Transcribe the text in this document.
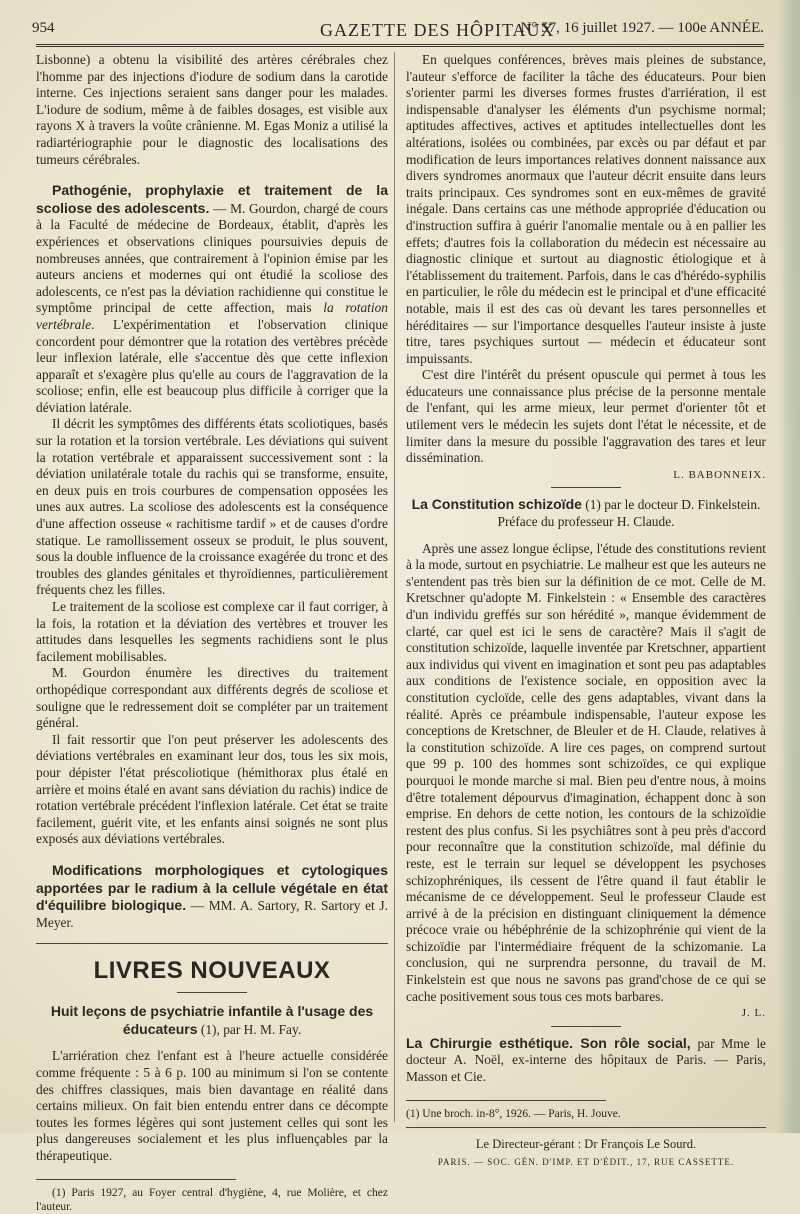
954	GAZETTE DES HÔPITAUX
N° 57, 16 juillet 1927. — 100e ANNÉE.

Lisbonne) a obtenu la visibilité des artères cérébrales chez l'homme par des injections d'iodure de sodium dans la carotide interne. Ces injections seraient sans danger pour les malades. L'iodure de sodium, même à de faibles dosages, est visible aux rayons X à travers la voûte crânienne. M. Egas Moniz a utilisé la radiartériographie pour le diagnostic des localisations des tumeurs cérébrales.

Pathogénie, prophylaxie et traitement de la scoliose des adolescents. — M. Gourdon, chargé de cours à la Faculté de médecine de Bordeaux, établit, d'après les expériences et observations cliniques poursuivies depuis de nombreuses années, que contrairement à l'opinion émise par les auteurs anciens et modernes qui ont étudié la scoliose des adolescents, ce n'est pas la déviation rachidienne qui constitue le symptôme principal de cette affection, mais la rotation vertébrale. L'expérimentation et l'observation clinique concordent pour démontrer que la rotation des vertèbres précède leur inflexion latérale, elle s'accentue dès que cette inflexion apparaît et s'exagère plus qu'elle au cours de l'aggravation de la scoliose; enfin, elle est beaucoup plus difficile à corriger que la déviation latérale.

Il décrit les symptômes des différents états scoliotiques, basés sur la rotation et la torsion vertébrale. Les déviations qui suivent la rotation vertébrale et apparaissent successivement sont : la déviation unilatérale totale du rachis qui se transforme, ensuite, en deux puis en trois courbures de compensation opposées les unes aux autres. La scoliose des adolescents est la conséquence d'une affection osseuse « rachitisme tardif » et de causes d'ordre statique. Le ramollissement osseux se produit, le plus souvent, sous la double influence de la croissance exagérée du tronc et des troubles des glandes génitales et thyroïdiennes, particulièrement fréquents chez les filles.

Le traitement de la scoliose est complexe car il faut corriger, à la fois, la rotation et la déviation des vertèbres et trouver les attitudes dans lesquelles les segments rachidiens sont le plus facilement mobilisables.

M. Gourdon énumère les directives du traitement orthopédique correspondant aux différents degrés de scoliose et souligne que le redressement doit se compléter par un traitement général.

Il fait ressortir que l'on peut préserver les adolescents des déviations vertébrales en examinant leur dos, tous les six mois, pour dépister l'état préscoliotique (hémithorax plus étalé en arrière et moins étalé en avant sans déviation du rachis) indice de rotation vertébrale précédent l'inflexion latérale. Cet état se traite facilement, guérit vite, et les enfants ainsi soignés ne sont plus exposés aux déviations vertébrales.

Modifications morphologiques et cytologiques apportées par le radium à la cellule végétale en état d'équilibre biologique. — MM. A. Sartory, R. Sartory et J. Meyer.

LIVRES NOUVEAUX

Huit leçons de psychiatrie infantile à l'usage des éducateurs (1), par H. M. Fay.

L'arriération chez l'enfant est à l'heure actuelle considérée comme fréquente : 5 à 6 p. 100 au minimum si l'on se contente des chiffres classiques, mais bien davantage en réalité dans certains milieux. On fait bien entendu entrer dans ce décompte toutes les formes légères qui sont justement celles qui sont les plus dangereuses socialement et les plus influençables par la thérapeutique.

(1) Paris 1927, au Foyer central d'hygiène, 4, rue Molière, et chez l'auteur.

En quelques conférences, brèves mais pleines de substance, l'auteur s'efforce de faciliter la tâche des éducateurs. Pour bien s'orienter parmi les diverses formes frustes d'arriération, il est indispensable d'analyser les éléments d'un psychisme normal; aptitudes affectives, actives et aptitudes intellectuelles dont les altérations, isolées ou combinées, par excès ou par défaut et par modification de leurs importances relatives donnent naissance aux divers syndromes anormaux que l'auteur décrit ensuite dans leurs traits principaux. Ces syndromes sont en eux-mêmes de gravité inégale. Dans certains cas une méthode appropriée d'éducation ou d'instruction suffira à guérir l'anomalie mentale ou à en pallier les effets; d'autres fois la collaboration du médecin est nécessaire au diagnostic clinique et surtout au diagnostic étiologique et à l'établissement du traitement. Parfois, dans le cas d'hérédo-syphilis en particulier, le rôle du médecin est le principal et d'une efficacité notable, mais il est des cas où devant les tares personnelles et héréditaires — sur l'importance desquelles l'auteur insiste à juste titre, tares psychiques surtout — médecin et éducateur sont impuissants.

C'est dire l'intérêt du présent opuscule qui permet à tous les éducateurs une connaissance plus précise de la personne mentale de l'enfant, qui les arme mieux, leur permet d'orienter tôt et utilement vers le médecin les sujets dont l'état le nécessite, et de limiter dans la mesure du possible l'aggravation des tares et leur dissémination.

L. BABONNEIX.

La Constitution schizoïde (1) par le docteur D. Finkelstein.

Préface du professeur H. Claude.

Après une assez longue éclipse, l'étude des constitutions revient à la mode, surtout en psychiatrie. Le malheur est que les auteurs ne s'entendent pas très bien sur la définition de ce mot. Celle de M. Kretschner qu'adopte M. Finkelstein : « Ensemble des caractères d'un individu greffés sur son hérédité », manque évidemment de clarté, car quel est ici le sens de caractère? Mais il s'agit de constitution schizoïde, laquelle inventée par Kretschner, appartient aux individus qui vivent en imagination et sont peu pas adaptables aux conditions de l'existence sociale, en opposition avec la constitution cycloïde, celle des gens adaptables, vivant dans la réalité. Après ce préambule indispensable, l'auteur expose les conceptions de Kretschner, de Bleuler et de H. Claude, relatives à la constitution schizoïde. A lire ces pages, on comprend surtout que 99 p. 100 des hommes sont schizoïdes, ce qui explique pourquoi le monde marche si mal. Bien peu d'entre nous, à moins d'être totalement dépourvus d'imagination, échappent donc à son emprise. En dehors de cette notion, les contours de la schizoïdie restent des plus confus. Si les psychiâtres sont à peu près d'accord pour reconnaître que la constitution schizoïde, mal définie du reste, est le terrain sur lequel se développent les psychoses schizophréniques, ils cessent de l'être quand il faut établir le mécanisme de ce développement. Seul le professeur Claude est arrivé à de la précision en distinguant cliniquement la démence précoce vraie ou hébéphrénie de la schizophrénie qui vient de la schizoïdie par l'intermédiaire fréquent de la schizomanie. La conclusion, qui ne surprendra personne, du travail de M. Finkelstein est que nous ne savons pas grand'chose de ce qui se cache positivement sous tous ces mots barbares.

J. L.

La Chirurgie esthétique. Son rôle social, par Mme le docteur A. Noël, ex-interne des hôpitaux de Paris. — Paris, Masson et Cie.

(1) Une broch. in-8°, 1926. — Paris, H. Jouve.

Le Directeur-gérant : Dr François Le Sourd.
PARIS. — SOC. GÉN. D'IMP. ET D'ÉDIT., 17, RUE CASSETTE.
